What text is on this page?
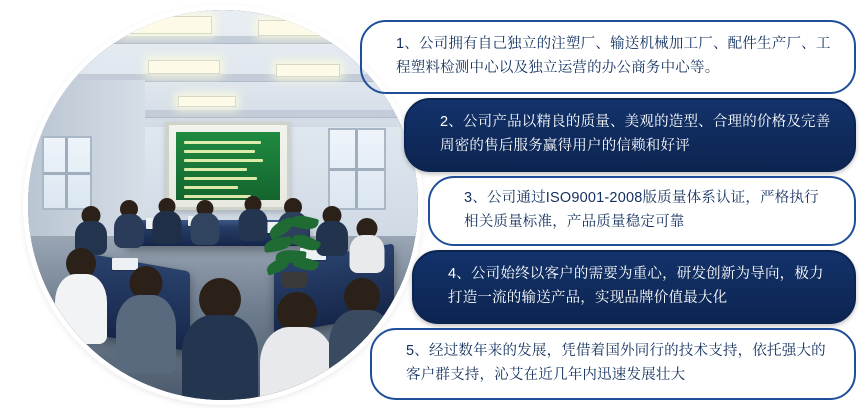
1、公司拥有自己独立的注塑厂、输送机械加工厂、配件生产厂、工程塑料检测中心以及独立运营的办公商务中心等。
2、公司产品以精良的质量、美观的造型、合理的价格及完善周密的售后服务赢得用户的信赖和好评
3、公司通过ISO9001-2008版质量体系认证，严格执行相关质量标准，产品质量稳定可靠
4、公司始终以客户的需要为重心，研发创新为导向，极力打造一流的输送产品，实现品牌价值最大化
5、经过数年来的发展，凭借着国外同行的技术支持，依托强大的客户群支持，沁艾在近几年内迅速发展壮大
